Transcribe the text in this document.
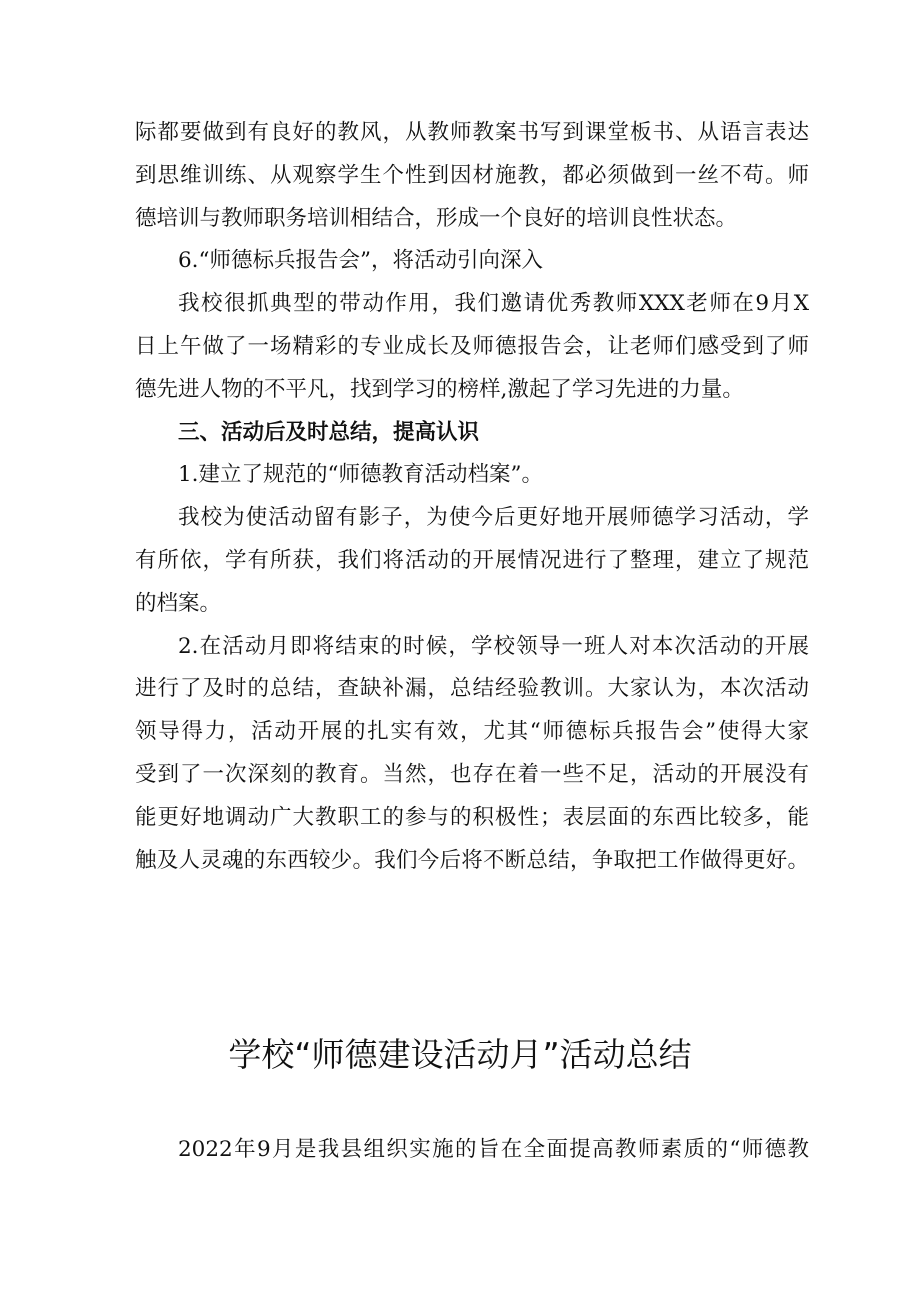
际都要做到有良好的教风，从教师教案书写到课堂板书、从语言表达
到思维训练、从观察学生个性到因材施教，都必须做到一丝不苟。师
德培训与教师职务培训相结合，形成一个良好的培训良性状态。
6.“师德标兵报告会”，将活动引向深入
我校很抓典型的带动作用，我们邀请优秀教师XXX老师在9月X
日上午做了一场精彩的专业成长及师德报告会，让老师们感受到了师
德先进人物的不平凡，找到学习的榜样,激起了学习先进的力量。
三、活动后及时总结，提高认识
1.建立了规范的“师德教育活动档案”。
我校为使活动留有影子，为使今后更好地开展师德学习活动，学
有所依，学有所获，我们将活动的开展情况进行了整理，建立了规范
的档案。
2.在活动月即将结束的时候，学校领导一班人对本次活动的开展
进行了及时的总结，查缺补漏，总结经验教训。大家认为，本次活动
领导得力，活动开展的扎实有效，尤其“师德标兵报告会”使得大家
受到了一次深刻的教育。当然，也存在着一些不足，活动的开展没有
能更好地调动广大教职工的参与的积极性；表层面的东西比较多，能
触及人灵魂的东西较少。我们今后将不断总结，争取把工作做得更好。
学校“师德建设活动月”活动总结
2022年9月是我县组织实施的旨在全面提高教师素质的“师德教
